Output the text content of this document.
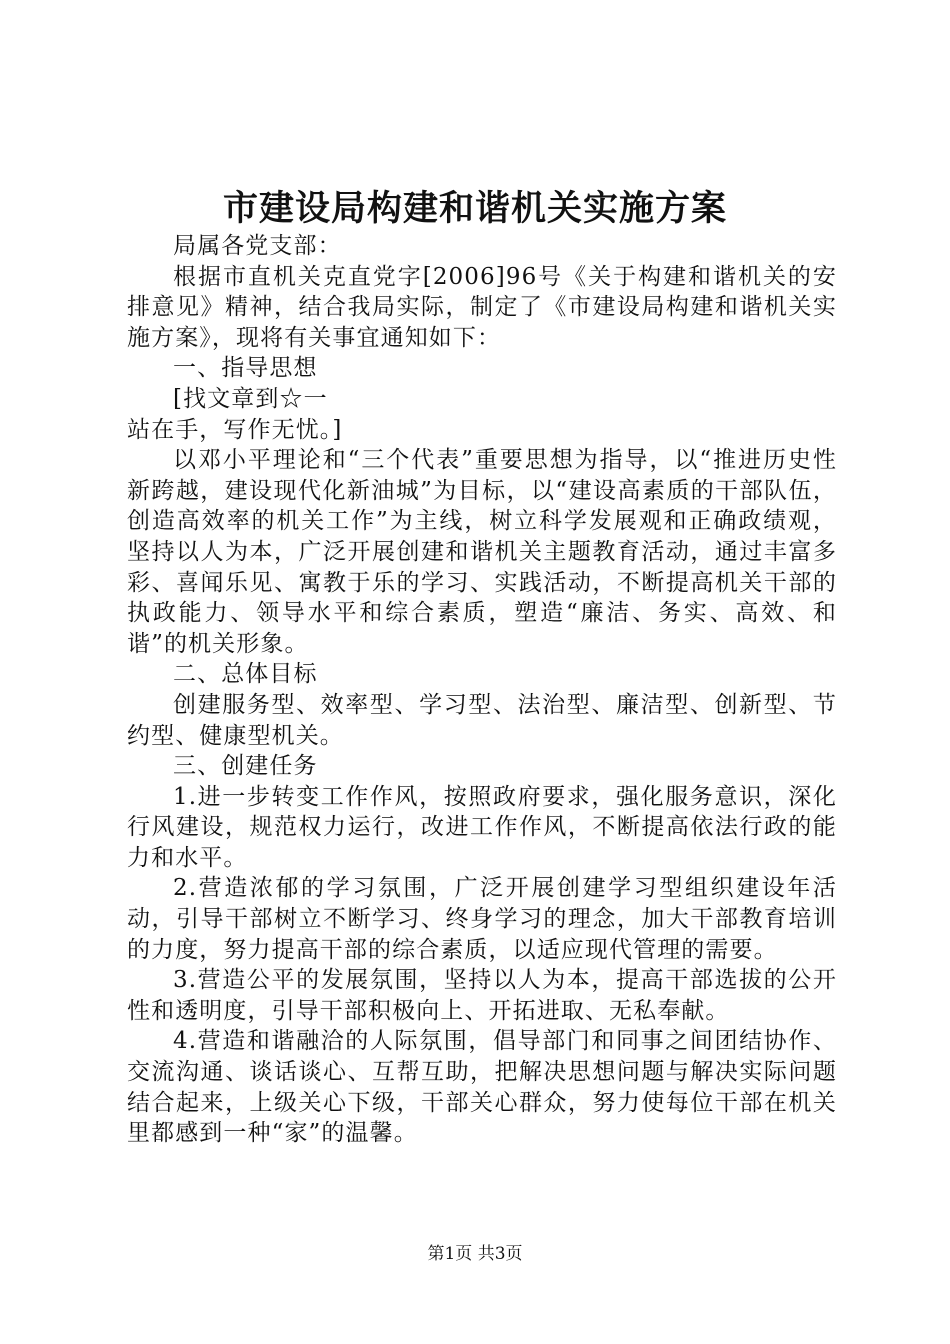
市建设局构建和谐机关实施方案

局属各党支部：

根据市直机关克直党字[2006]96号《关于构建和谐机关的安排意见》精神，结合我局实际，制定了《市建设局构建和谐机关实施方案》，现将有关事宜通知如下：

一、指导思想

[找文章到☆一

站在手，写作无忧。]

以邓小平理论和“三个代表”重要思想为指导，以“推进历史性新跨越，建设现代化新油城”为目标，以“建设高素质的干部队伍，创造高效率的机关工作”为主线，树立科学发展观和正确政绩观，坚持以人为本，广泛开展创建和谐机关主题教育活动，通过丰富多彩、喜闻乐见、寓教于乐的学习、实践活动，不断提高机关干部的执政能力、领导水平和综合素质，塑造“廉洁、务实、高效、和谐”的机关形象。

二、总体目标

创建服务型、效率型、学习型、法治型、廉洁型、创新型、节约型、健康型机关。

三、创建任务

1.进一步转变工作作风，按照政府要求，强化服务意识，深化行风建设，规范权力运行，改进工作作风，不断提高依法行政的能力和水平。

2.营造浓郁的学习氛围，广泛开展创建学习型组织建设年活动，引导干部树立不断学习、终身学习的理念，加大干部教育培训的力度，努力提高干部的综合素质，以适应现代管理的需要。

3.营造公平的发展氛围，坚持以人为本，提高干部选拔的公开性和透明度，引导干部积极向上、开拓进取、无私奉献。

4.营造和谐融洽的人际氛围，倡导部门和同事之间团结协作、交流沟通、谈话谈心、互帮互助，把解决思想问题与解决实际问题结合起来，上级关心下级，干部关心群众，努力使每位干部在机关里都感到一种“家”的温馨。

第1页 共3页
